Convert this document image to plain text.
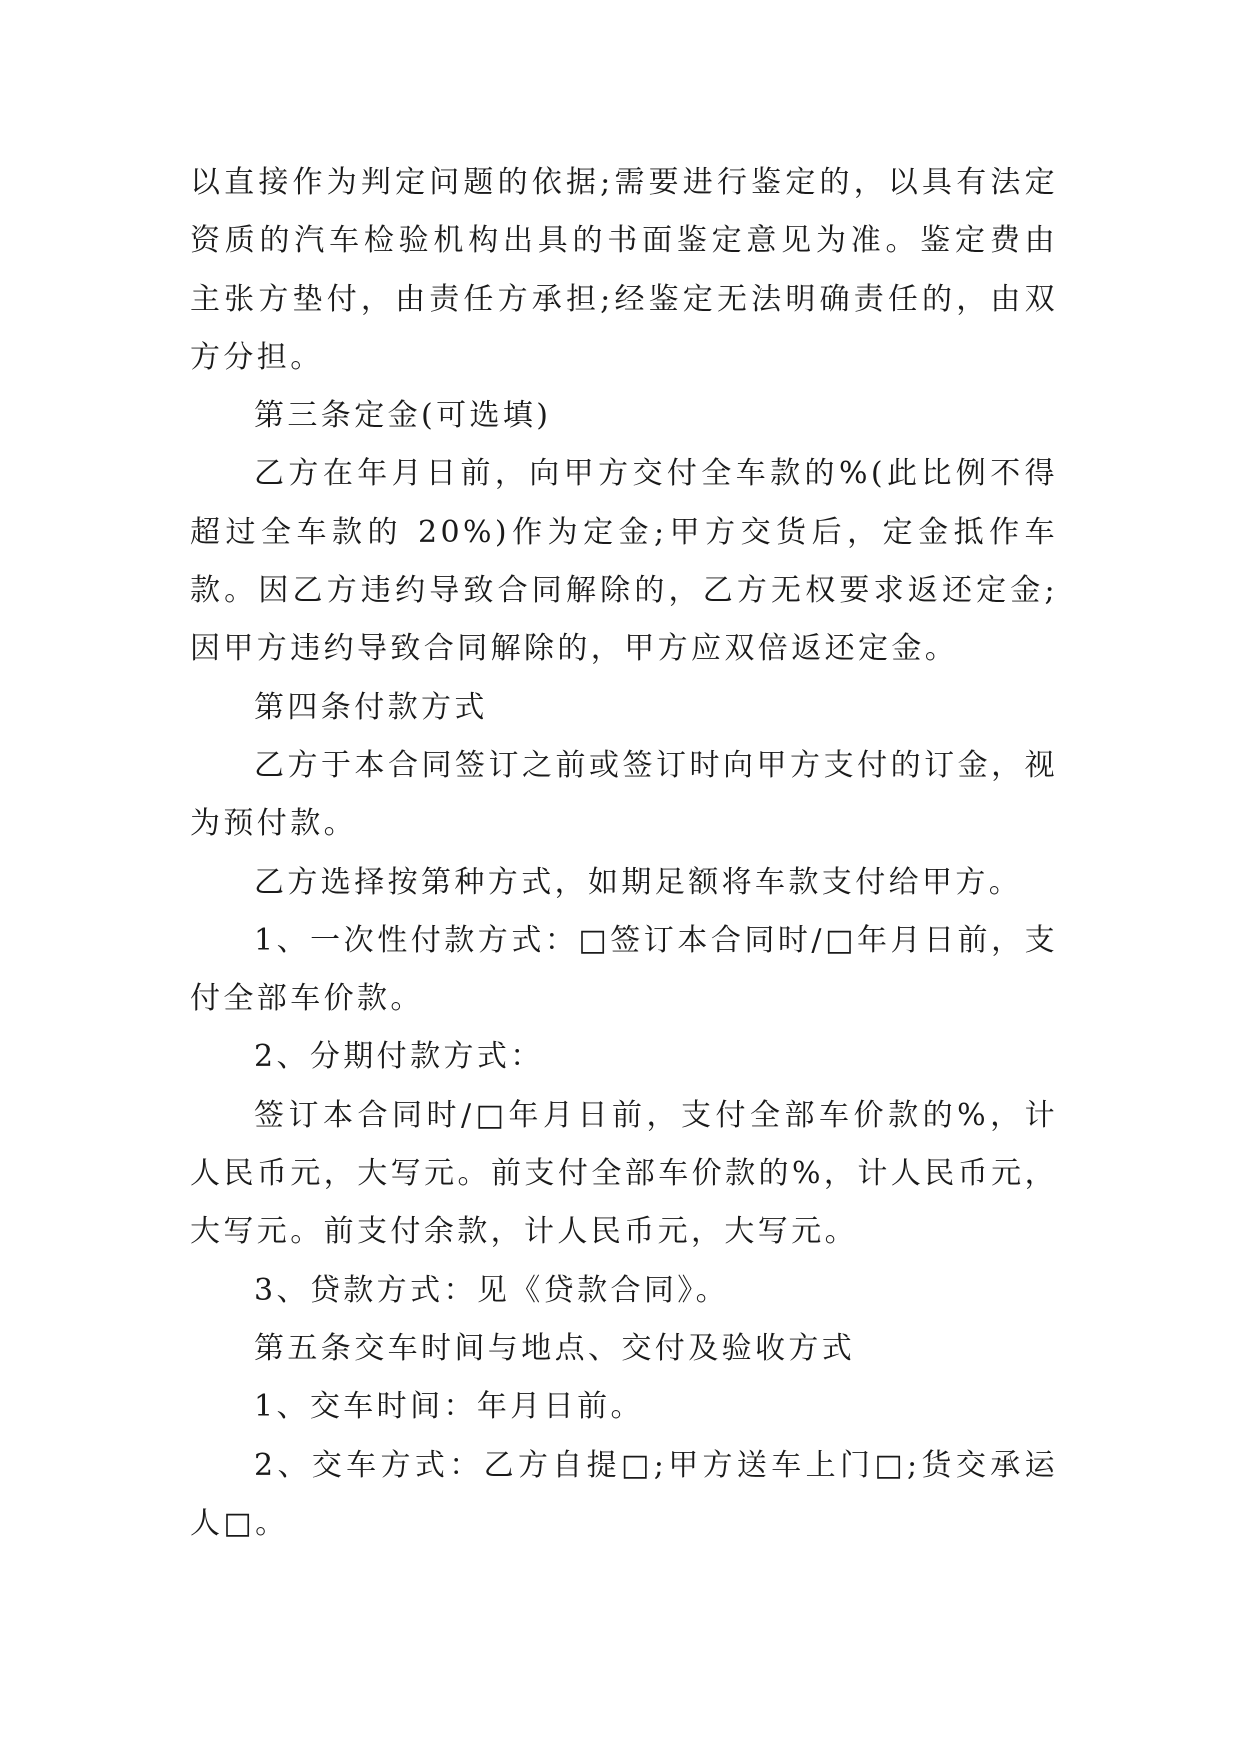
以直接作为判定问题的依据;需要进行鉴定的，以具有法定资质的汽车检验机构出具的书面鉴定意见为准。鉴定费由主张方垫付，由责任方承担;经鉴定无法明确责任的，由双方分担。

第三条定金(可选填)

乙方在年月日前，向甲方交付全车款的%(此比例不得超过全车款的 20%)作为定金;甲方交货后，定金抵作车款。因乙方违约导致合同解除的，乙方无权要求返还定金;因甲方违约导致合同解除的，甲方应双倍返还定金。

第四条付款方式

乙方于本合同签订之前或签订时向甲方支付的订金，视为预付款。

乙方选择按第种方式，如期足额将车款支付给甲方。

1、一次性付款方式：□签订本合同时/□年月日前，支付全部车价款。

2、分期付款方式：

签订本合同时/□年月日前，支付全部车价款的%，计人民币元，大写元。前支付全部车价款的%，计人民币元，大写元。前支付余款，计人民币元，大写元。

3、贷款方式：见《贷款合同》。

第五条交车时间与地点、交付及验收方式

1、交车时间：年月日前。

2、交车方式：乙方自提□;甲方送车上门□;货交承运人□。
